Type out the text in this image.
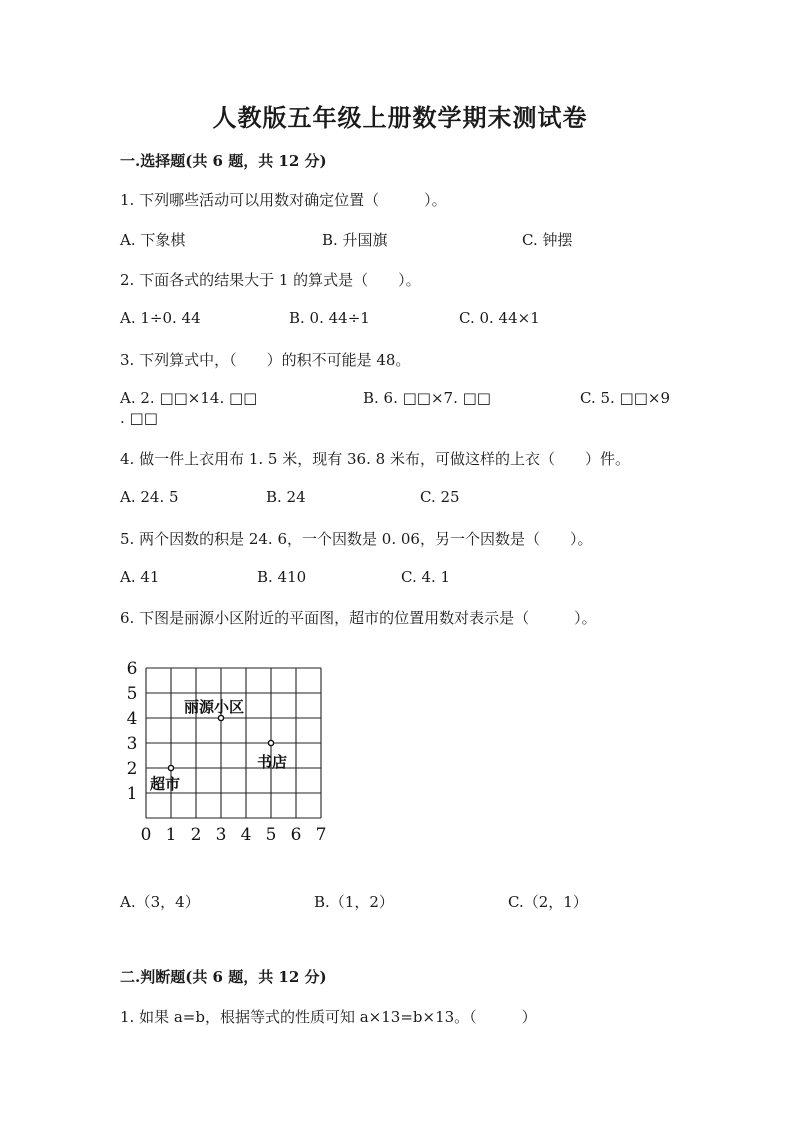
人教版五年级上册数学期末测试卷
一.选择题(共 6 题，共 12 分)
1. 下列哪些活动可以用数对确定位置（　　　）。
A. 下象棋	B. 升国旗	C. 钟摆
2. 下面各式的结果大于 1 的算式是（　　）。
A. 1÷0. 44	B. 0. 44÷1	C. 0. 44×1
3. 下列算式中，（　　）的积不可能是 48。
A. 2. □□×14. □□	B. 6. □□×7. □□	C. 5. □□×9
. □□
4. 做一件上衣用布 1. 5 米，现有 36. 8 米布，可做这样的上衣（　　）件。
A. 24. 5	B. 24	C. 25
5. 两个因数的积是 24. 6，一个因数是 0. 06，另一个因数是（　　）。
A. 41	B. 410	C. 4. 1
6. 下图是丽源小区附近的平面图，超市的位置用数对表示是（　　　）。
0 1 2 3 4 5 6 7
1
2
3
4
5
6
丽源小区
书店
超市
A.（3，4）	B.（1，2）	C.（2，1）
二.判断题(共 6 题，共 12 分)
1. 如果 a=b，根据等式的性质可知 a×13=b×13。（　　　）
